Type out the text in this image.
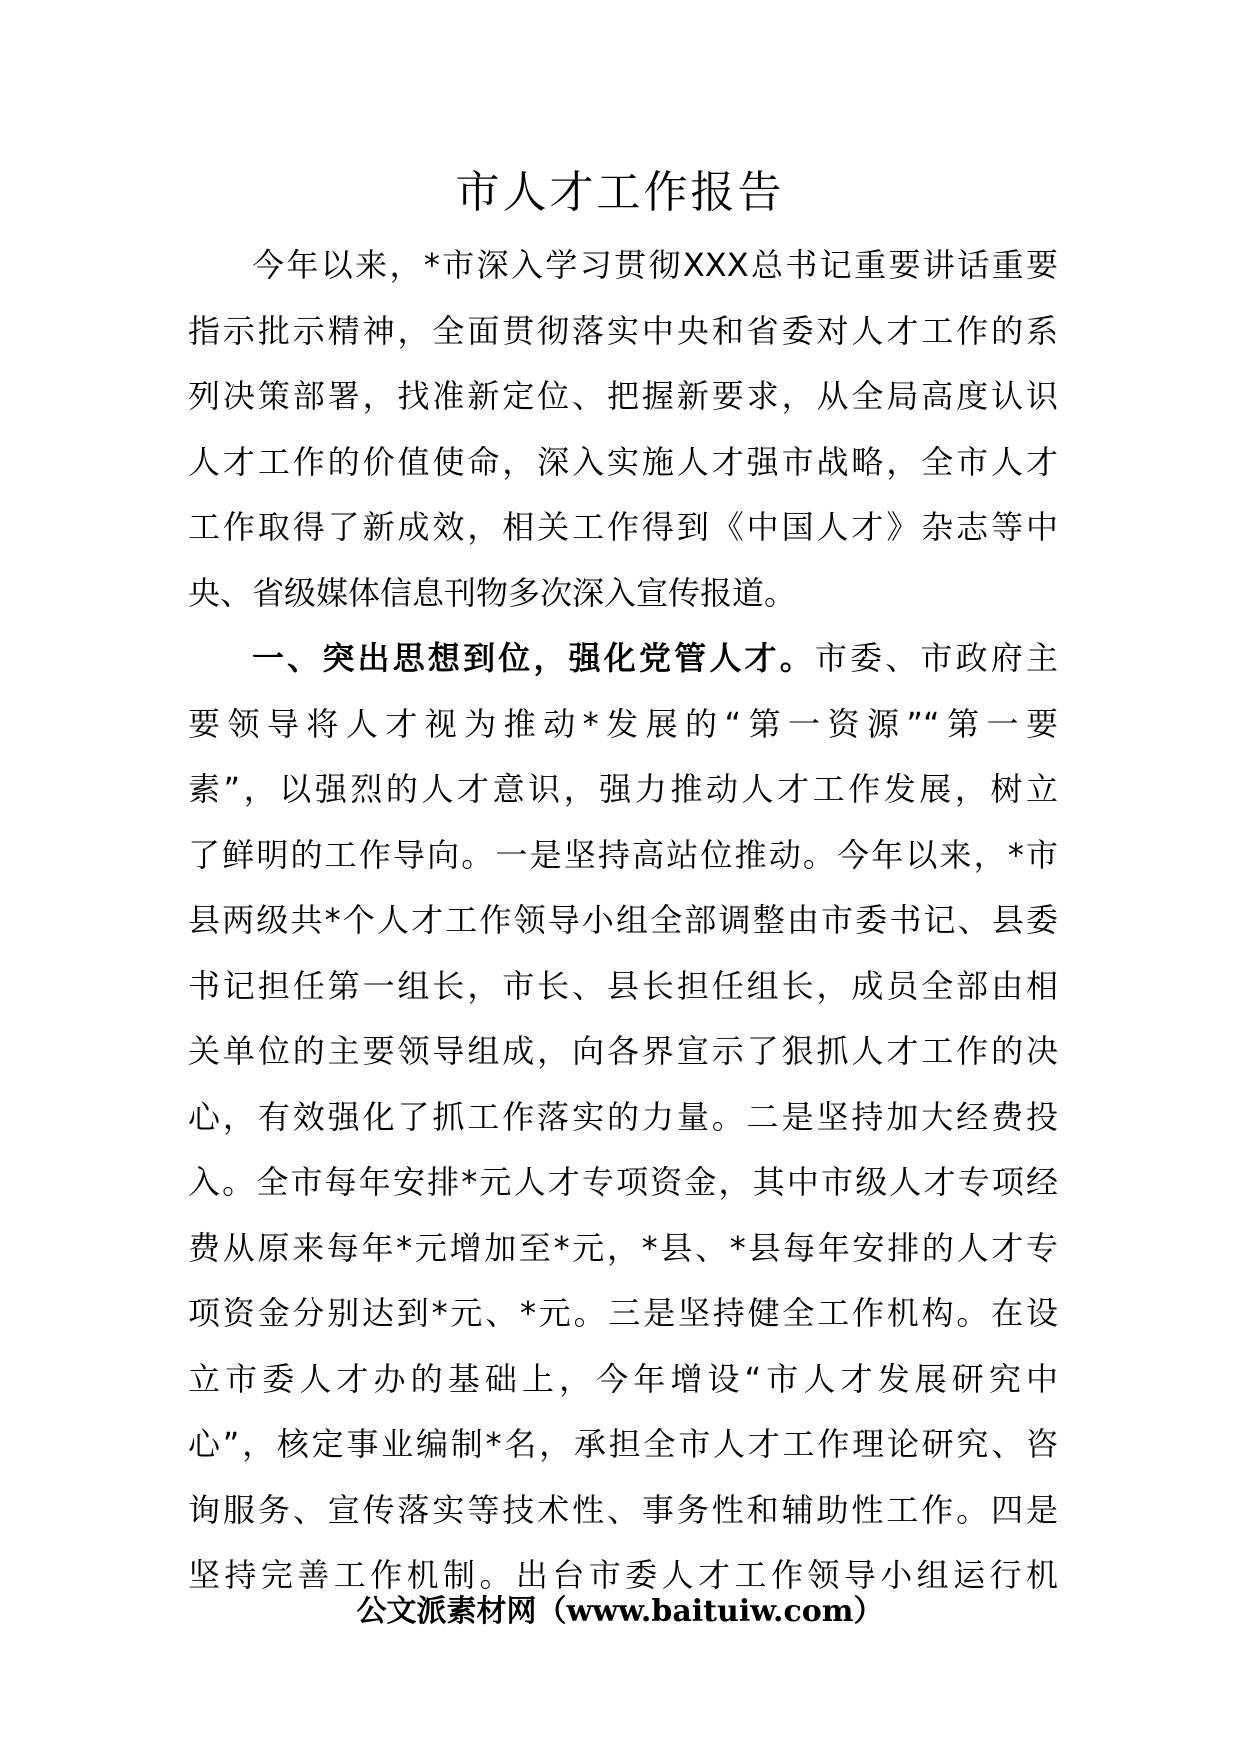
市人才工作报告
今年以来，*市深入学习贯彻XXX总书记重要讲话重要
指示批示精神，全面贯彻落实中央和省委对人才工作的系
列决策部署，找准新定位、把握新要求，从全局高度认识
人才工作的价值使命，深入实施人才强市战略，全市人才
工作取得了新成效，相关工作得到《中国人才》杂志等中
央、省级媒体信息刊物多次深入宣传报道。
一、突出思想到位，强化党管人才。市委、市政府主
要领导将人才视为推动*发展的“第一资源”“第一要
素”，以强烈的人才意识，强力推动人才工作发展，树立
了鲜明的工作导向。一是坚持高站位推动。今年以来，*市
县两级共*个人才工作领导小组全部调整由市委书记、县委
书记担任第一组长，市长、县长担任组长，成员全部由相
关单位的主要领导组成，向各界宣示了狠抓人才工作的决
心，有效强化了抓工作落实的力量。二是坚持加大经费投
入。全市每年安排*元人才专项资金，其中市级人才专项经
费从原来每年*元增加至*元，*县、*县每年安排的人才专
项资金分别达到*元、*元。三是坚持健全工作机构。在设
立市委人才办的基础上，今年增设“市人才发展研究中
心”，核定事业编制*名，承担全市人才工作理论研究、咨
询服务、宣传落实等技术性、事务性和辅助性工作。四是
坚持完善工作机制。出台市委人才工作领导小组运行机

公文派素材网（www.baituiw.com）
